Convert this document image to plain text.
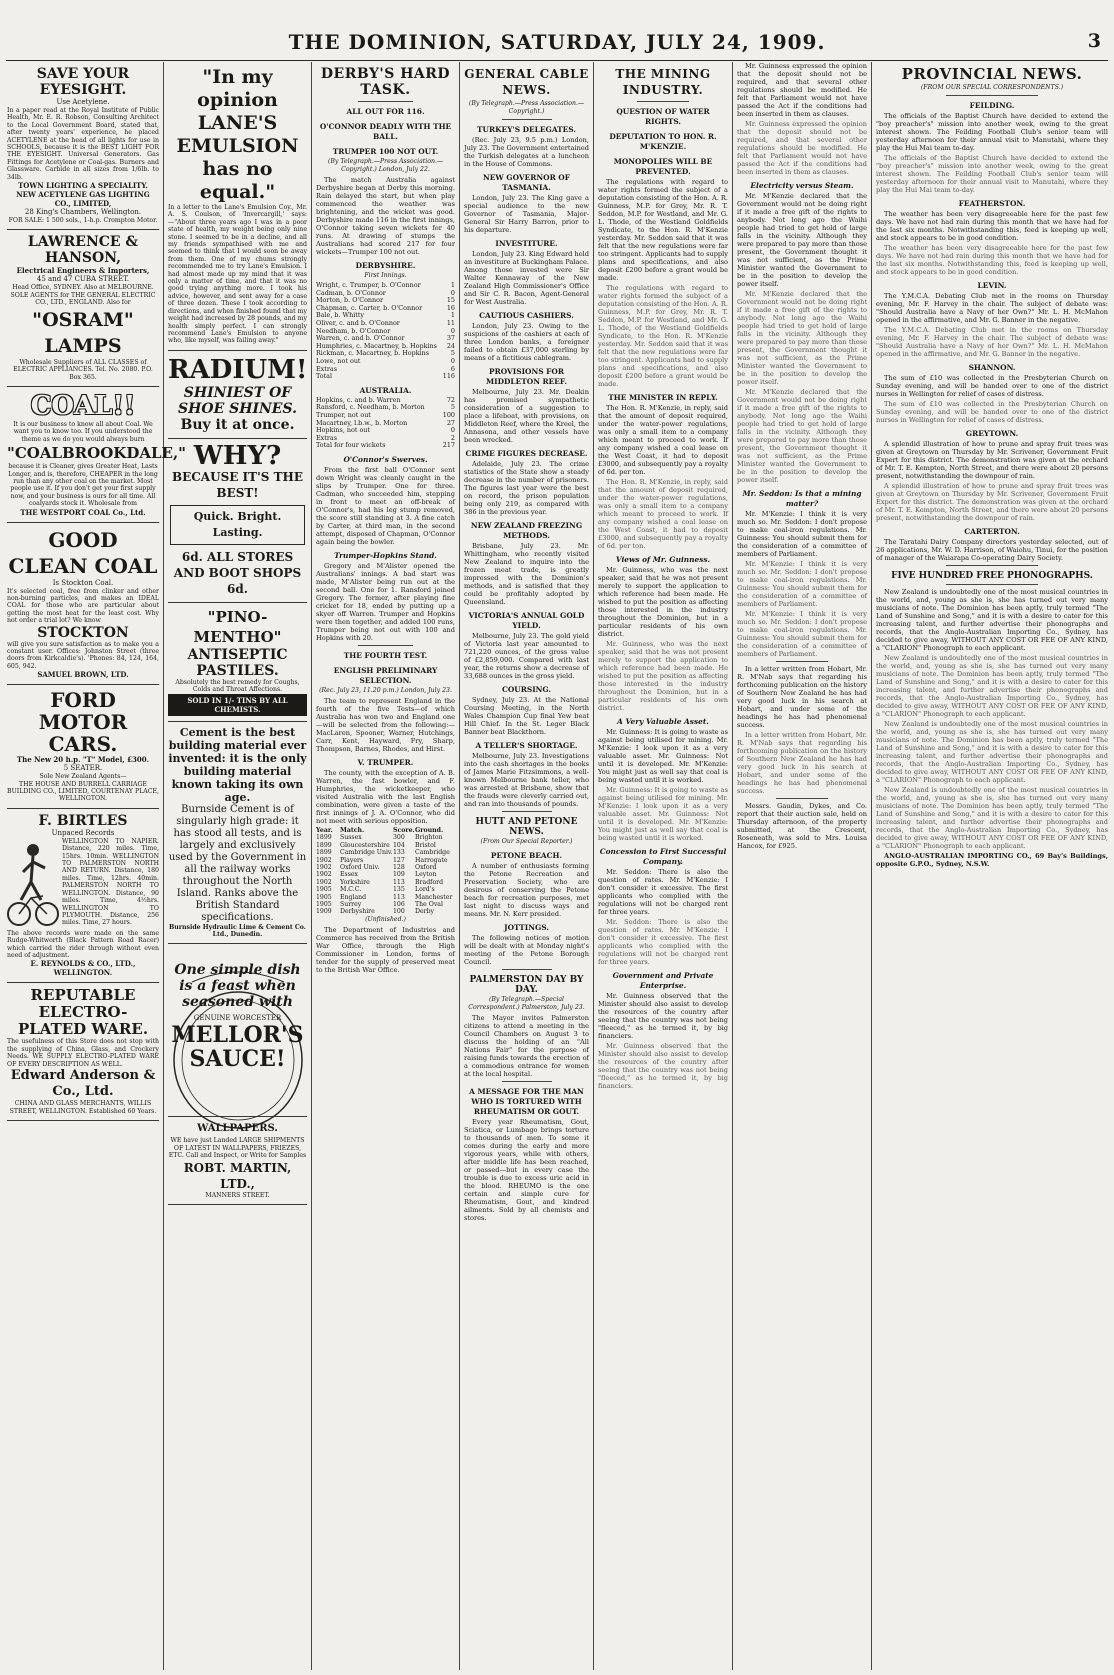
THE DOMINION, SATURDAY, JULY 24, 1909.	3
SAVE YOUR EYESIGHT.
Use Acetylene.
In a paper read at the Royal Institute of Public Health, Mr. E. R. Robson, Consulting Architect to the Local Government Board, stated that, after twenty years' experience, he placed ACETYLENE at the head of all lights for use in SCHOOLS, because it is the BEST LIGHT FOR THE EYESIGHT. Universal Generators. Gas Fittings for Acetylene or Coal-gas. Burners and Glassware. Carbide in all sizes from 1/6lb. to 34lb.
TOWN LIGHTING A SPECIALITY.
NEW ACETYLENE GAS LIGHTING CO., LIMITED,
28 King's Chambers, Wellington.
FOR SALE: 1 500 sols., 1-h.p. Crompton Motor.
LAWRENCE & HANSON,
Electrical Engineers & Importers,
45 and 47 CUBA STREET.
Head Office, SYDNEY. Also at MELBOURNE.
SOLE AGENTS for THE GENERAL ELECTRIC CO., LTD., ENGLAND. Also for
"OSRAM" LAMPS
Wholesale Suppliers of ALL CLASSES of ELECTRIC APPLIANCES. Tel. No. 2080. P.O. Box 365.
COAL!!
It is our business to know all about Coal. We want you to know too. If you understood the theme as we do you would always burn
"COALBROOKDALE,"
because it is Cleaner, gives Greater Heat, Lasts Longer, and is, therefore, CHEAPER in the long run than any other coal on the market. Most people use it. If you don't get your first supply now, and your business is ours for all time. All coalyards stock it. Wholesale from
THE WESTPORT COAL Co., Ltd.
GOOD CLEAN COAL
Is Stockton Coal.
It's selected coal, free from clinker and other non-burning particles, and makes an IDEAL COAL for those who are particular about getting the most heat for the least cost. Why not order a trial lot? We know
STOCKTON
will give you sure satisfaction as to make you a constant user. Offices: Johnston Street (three doors from Kirkcaldie's). 'Phones: 84, 124, 164, 605, 942.
SAMUEL BROWN, LTD.
FORD MOTOR CARS.
The New 20 h.p. "T" Model, £300.
5 SEATER.
Sole New Zealand Agents—
THE HOUSE AND BURRELL CARRIAGE BUILDING CO., LIMITED, COURTENAY PLACE, WELLINGTON.
F. BIRTLES
Unpaced Records
WELLINGTON TO NAPIER. Distance, 220 miles. Time, 15hrs. 10min. WELLINGTON TO PALMERSTON NORTH AND RETURN. Distance, 180 miles. Time, 12hrs. 40min. PALMERSTON NORTH TO WELLINGTON. Distance, 90 miles. Time, 4½hrs. WELLINGTON TO PLYMOUTH. Distance, 256 miles. Time, 27 hours.
The above records were made on the same Rudge-Whitworth (Black Pattern Road Racer) which carried the rider through without even need of adjustment.
E. REYNOLDS & CO., LTD., WELLINGTON.
REPUTABLE ELECTRO-PLATED WARE.
The usefulness of this Store does not stop with the supplying of China, Glass, and Crockery Needs. WE SUPPLY ELECTRO-PLATED WARE OF EVERY DESCRIPTION AS WELL.
Edward Anderson & Co., Ltd.
CHINA AND GLASS MERCHANTS, WILLIS STREET, WELLINGTON. Established 60 Years.
"In my opinion LANE'S EMULSION has no equal."
In a letter to the Lane's Emulsion Coy., Mr. A. S. Coulson, of 'Invercargill,' says:—"About three years ago I was in a poor state of health, my weight being only nine stone. I seemed to be in a decline, and all my friends sympathised with me and seemed to think that I would soon be away from them. One of my chums strongly recommended me to try Lane's Emulsion. I had almost made up my mind that it was only a matter of time, and that it was no good trying anything more. I took his advice, however, and sent away for a case of three dozen. These I took according to directions, and when finished found that my weight had increased by 28 pounds, and my health simply perfect. I can strongly recommend Lane's Emulsion to anyone who, like myself, was failing away."
RADIUM!
SHINIEST OF SHOE SHINES.
Buy it at once.
WHY?
BECAUSE IT'S THE BEST!
Quick. Bright. Lasting.
6d. ALL STORES AND BOOT SHOPS 6d.
"PINO-MENTHO"
ANTISEPTIC PASTILES.
Absolutely the best remedy for Coughs, Colds and Throat Affections.
SOLD IN 1/- TINS BY ALL CHEMISTS.
Cement is the best building material ever invented: it is the only building material known taking its own age.
Burnside Cement is of singularly high grade: it has stood all tests, and is largely and exclusively used by the Government in all the railway works throughout the North Island. Ranks above the British Standard specifications.
Burnside Hydraulic Lime & Cement Co. Ltd., Dunedin.
One simple dish is a feast when seasoned with
GENUINE WORCESTER
MELLOR'S SAUCE!
WALLPAPERS.
WE have just Landed LARGE SHIPMENTS OF LATEST IN WALLPAPERS, FRIEZES, ETC. Call and Inspect, or Write for Samples
ROBT. MARTIN, LTD.,
MANNERS STREET.
DERBY'S HARD TASK.
ALL OUT FOR 116.
O'CONNOR DEADLY WITH THE BALL.
TRUMPER 100 NOT OUT.
(By Telegraph.—Press Association.—Copyright.) London, July 22.

The match Australia against Derbyshire began at Derby this morning. Rain delayed the start, but when play commenced the weather was brightening, and the wicket was good. Derbyshire made 116 in the first innings, O'Connor taking seven wickets for 40 runs. At drawing of stumps the Australians had scored 217 for four wickets—Trumper 100 not out.

DERBYSHIRE.
First Innings.
Wright, c. Trumper, b. O'Connor	1
Cadman, b. O'Connor	0
Morton, b. O'Connor	15
Chapman, c. Carter, b. O'Connor	16
Bale, b. Whitty	1
Oliver, c. and b. O'Connor	11
Needham, b. O'Connor	0
Warren, c. and b. O'Connor	37
Humphries, c. Macartney, b. Hopkins 24
Rickman, c. Macartney, b. Hopkins	5
Lowe, not out	0
Extras	6
Total	116
AUSTRALIA.
Hopkins, c. and b. Warren	72
Ransford, c. Needham, b. Morton	5
Trumper, not out	100
Macartney, l.b.w., b. Morton	27
Hopkins, not out	0
Extras	2
Total for four wickets	217
O'Connor's Swerves.

From the first ball O'Connor sent down Wright was cleanly caught in the slips by Trumper. One for three. Cadman, who succeeded him, stepping in front to meet an off-break of O'Connor's, had his leg stump removed, the score still standing at 3. A fine catch by Carter, at third man, in the second attempt, disposed of Chapman, O'Connor again being the bowler.

Trumper-Hopkins Stand.

Gregory and M'Alister opened the Australians' innings. A bad start was made, M'Alister being run out at the second ball. One for 1. Ransford joined Gregory. The former, after playing fine cricket for 18, ended by putting up a skyer off Warren. Trumper and Hopkins were then together, and added 100 runs, Trumper being not out with 100 and Hopkins with 20.

THE FOURTH TEST.
ENGLISH PRELIMINARY SELECTION.
(Rec. July 23, 11.20 p.m.) London, July 23.

The team to represent England in the fourth of the five Tests—of which Australia has won two and England one—will be selected from the following:—MacLaren, Spooner, Warner, Hutchings, Carr, Kent, Hayward, Fry, Sharp, Thompson, Barnes, Rhodes, and Hirst.

V. TRUMPER.

The county, with the exception of A. B. Warren, the fast bowler, and F. Humphries, the wicketkeeper, who visited Australia with the last English combination, were given a taste of the first innings of J. A. O'Connor, who did not meet with serious opposition.

Year.	Match.	Score. Ground.
1899	Sussex	300	Brighton
1899	Gloucestershire 104	Bristol
1899	Cambridge Univ. 133	Cambridge
1902	Players	127	Harrogate
1902	Oxford Univ.	128	Oxford
1902	Essex	109	Leyton
1902	Yorkshire	113	Bradford
1905	M.C.C.	135	Lord's
1905	England	113	Manchester
1905	Surrey	106	The Oval
1909	Derbyshire	100	Derby
(Unfinished.)

The Department of Industries and Commerce has received from the British War Office, through the High Commissioner in London, forms of tender for the supply of preserved meat to the British War Office.

GENERAL CABLE NEWS.
(By Telegraph.—Press Association.—Copyright.)
TURKEY'S DELEGATES.

(Rec. July 23, 9.5 p.m.) London, July 23. The Government entertained the Turkish delegates at a luncheon in the House of Commons.

NEW GOVERNOR OF TASMANIA.

London, July 23. The King gave a special audience to the new Governor of Tasmania, Major-General Sir Harry Barron, prior to his departure.

INVESTITURE.

London, July 23. King Edward held an investiture at Buckingham Palace. Among those invested were Sir Walter Kennaway of the New Zealand High Commissioner's Office and Sir C. R. Bacon, Agent-General for West Australia.

CAUTIOUS CASHIERS.

London, July 23. Owing to the suspicions of the cashiers at each of three London banks, a foreigner failed to obtain £37,000 sterling by means of a fictitious cablegram.

PROVISIONS FOR MIDDLETON REEF.

Melbourne, July 23. Mr. Deakin has promised sympathetic consideration of a suggestion to place a lifeboat, with provisions, on Middleton Reef, where the Kreel, the Annasona, and other vessels have been wrecked.

CRIME FIGURES DECREASE.

Adelaide, July 23. The crime statistics of the State show a steady decrease in the number of prisoners. The figures last year were the best on record, the prison population being only 219, as compared with 386 in the previous year.

NEW ZEALAND FREEZING METHODS.

Brisbane, July 23. Mr. Whittingham, who recently visited New Zealand to inquire into the frozen meat trade, is greatly impressed with the Dominion's methods, and is satisfied that they could be profitably adopted by Queensland.

VICTORIA'S ANNUAL GOLD YIELD.

Melbourne, July 23. The gold yield of Victoria last year amounted to 721,220 ounces, of the gross value of £2,859,000. Compared with last year, the returns show a decrease of 33,688 ounces in the gross yield.

COURSING.

Sydney, July 23. At the National Coursing Meeting, in the North Wales Champion Cup final Yew beat Hill Chief. In the St. Leger Black Banner beat Blackthorn.

A TELLER'S SHORTAGE.

Melbourne, July 23. Investigations into the cash shortages in the books of James Marie Fitzsimmons, a well-known Melbourne bank teller, who was arrested at Brisbane, show that the frauds were cleverly carried out, and ran into thousands of pounds.

HUTT AND PETONE NEWS.
(From Our Special Reporter.)
PETONE BEACH.

A number of enthusiasts forming the Petone Recreation and Preservation Society, who are desirous of conserving the Petone beach for recreation purposes, met last night to discuss ways and means. Mr. N. Kerr presided.

JOTTINGS.

The following notices of motion will be dealt with at Monday night's meeting of the Petone Borough Council.

PALMERSTON DAY BY DAY.
(By Telegraph.—Special Correspondent.) Palmerston, July 23.

The Mayor invites Palmerston citizens to attend a meeting in the Council Chambers on August 3 to discuss the holding of an "All Nations Fair" for the purpose of raising funds towards the erection of a commodious entrance for women at the local hospital.

A MESSAGE FOR THE MAN WHO IS TORTURED WITH RHEUMATISM OR GOUT.

Every year Rheumatism, Gout, Sciatica, or Lumbago brings torture to thousands of men. To some it comes during the early and more vigorous years, while with others, after middle life has been reached, or passed—but in every case the trouble is due to excess uric acid in the blood. RHEUMO is the one certain and simple cure for Rheumatism, Gout, and kindred ailments. Sold by all chemists and stores.

THE MINING INDUSTRY.
QUESTION OF WATER RIGHTS.
DEPUTATION TO HON. R. M'KENZIE.
MONOPOLIES WILL BE PREVENTED.

The regulations with regard to water rights formed the subject of a deputation consisting of the Hon. A. R. Guinness, M.P. for Grey, Mr. R. T. Seddon, M.P. for Westland, and Mr. G. L. Thode, of the Westland Goldfields Syndicate, to the Hon. R. M'Kenzie yesterday. Mr. Seddon said that it was felt that the new regulations were far too stringent. Applicants had to supply plans and specifications, and also deposit £200 before a grant would be made.

The regulations with regard to water rights formed the subject of a deputation consisting of the Hon. A. R. Guinness, M.P. for Grey, Mr. R. T. Seddon, M.P. for Westland, and Mr. G. L. Thode, of the Westland Goldfields Syndicate, to the Hon. R. M'Kenzie yesterday. Mr. Seddon said that it was felt that the new regulations were far too stringent. Applicants had to supply plans and specifications, and also deposit £200 before a grant would be made.

THE MINISTER IN REPLY.

The Hon. R. M'Kenzie, in reply, said that the amount of deposit required, under the water-power regulations, was only a small item to a company which meant to proceed to work. If any company wished a coal lease on the West Coast, it had to deposit £3000, and subsequently pay a royalty of 6d. per ton.

The Hon. R. M'Kenzie, in reply, said that the amount of deposit required, under the water-power regulations, was only a small item to a company which meant to proceed to work. If any company wished a coal lease on the West Coast, it had to deposit £3000, and subsequently pay a royalty of 6d. per ton.

Views of Mr. Guinness.

Mr. Guinness, who was the next speaker, said that he was not present merely to support the application to which reference had been made. He wished to put the position as affecting those interested in the industry throughout the Dominion, but in a particular residents of his own district.

Mr. Guinness, who was the next speaker, said that he was not present merely to support the application to which reference had been made. He wished to put the position as affecting those interested in the industry throughout the Dominion, but in a particular residents of his own district.

A Very Valuable Asset.

Mr. Guinness: It is going to waste as against being utilised for mining. Mr. M'Kenzie: I look upon it as a very valuable asset. Mr. Guinness: Not until it is developed. Mr. M'Kenzie: You might just as well say that coal is being wasted until it is worked.

Mr. Guinness: It is going to waste as against being utilised for mining. Mr. M'Kenzie: I look upon it as a very valuable asset. Mr. Guinness: Not until it is developed. Mr. M'Kenzie: You might just as well say that coal is being wasted until it is worked.

Concession to First Successful Company.

Mr. Seddon: There is also the question of rates. Mr. M'Kenzie: I don't consider it excessive. The first applicants who complied with the regulations will not be charged rent for three years.

Mr. Seddon: There is also the question of rates. Mr. M'Kenzie: I don't consider it excessive. The first applicants who complied with the regulations will not be charged rent for three years.

Government and Private Enterprise.

Mr. Guinness observed that the Minister should also assist to develop the resources of the country after seeing that the country was not being "fleeced," as he termed it, by big financiers.

Mr. Guinness observed that the Minister should also assist to develop the resources of the country after seeing that the country was not being "fleeced," as he termed it, by big financiers.

Mr. Guinness expressed the opinion that the deposit should not be required, and that several other regulations should be modified. He felt that Parliament would not have passed the Act if the conditions had been inserted in them as clauses.

Mr. Guinness expressed the opinion that the deposit should not be required, and that several other regulations should be modified. He felt that Parliament would not have passed the Act if the conditions had been inserted in them as clauses.

Electricity versus Steam.

Mr. M'Kenzie declared that the Government would not be doing right if it made a free gift of the rights to anybody. Not long ago the Waihi people had tried to get hold of large falls in the vicinity. Although they were prepared to pay more than those present, the Government thought it was not sufficient, as the Prime Minister wanted the Government to be in the position to develop the power itself.

Mr. M'Kenzie declared that the Government would not be doing right if it made a free gift of the rights to anybody. Not long ago the Waihi people had tried to get hold of large falls in the vicinity. Although they were prepared to pay more than those present, the Government thought it was not sufficient, as the Prime Minister wanted the Government to be in the position to develop the power itself.

Mr. M'Kenzie declared that the Government would not be doing right if it made a free gift of the rights to anybody. Not long ago the Waihi people had tried to get hold of large falls in the vicinity. Although they were prepared to pay more than those present, the Government thought it was not sufficient, as the Prime Minister wanted the Government to be in the position to develop the power itself.

Mr. Seddon: Is that a mining matter?

Mr. M'Kenzie: I think it is very much so. Mr. Seddon: I don't propose to make coal-iron regulations. Mr. Guinness: You should submit them for the consideration of a committee of members of Parliament.

Mr. M'Kenzie: I think it is very much so. Mr. Seddon: I don't propose to make coal-iron regulations. Mr. Guinness: You should submit them for the consideration of a committee of members of Parliament.

Mr. M'Kenzie: I think it is very much so. Mr. Seddon: I don't propose to make coal-iron regulations. Mr. Guinness: You should submit them for the consideration of a committee of members of Parliament.

In a letter written from Hobart, Mr. R. M'Nab says that regarding his forthcoming publication on the history of Southern New Zealand he has had very good luck in his search at Hobart, and under some of the headings he has had phenomenal success.

In a letter written from Hobart, Mr. R. M'Nab says that regarding his forthcoming publication on the history of Southern New Zealand he has had very good luck in his search at Hobart, and under some of the headings he has had phenomenal success.

Messrs. Gaudin, Dykes, and Co. report that their auction sale, held on Thursday afternoon, of the property submitted, at the Crescent, Roseneath, was sold to Mrs. Louisa Hancox, for £925.

PROVINCIAL NEWS.
(FROM OUR SPECIAL CORRESPONDENTS.)
FEILDING.

The officials of the Baptist Church have decided to extend the "boy preacher's" mission into another week, owing to the great interest shown. The Feilding Football Club's senior team will yesterday afternoon for their annual visit to Manutahi, where they play the Hui Mai team to-day.

The officials of the Baptist Church have decided to extend the "boy preacher's" mission into another week, owing to the great interest shown. The Feilding Football Club's senior team will yesterday afternoon for their annual visit to Manutahi, where they play the Hui Mai team to-day.

FEATHERSTON.

The weather has been very disagreeable here for the past few days. We have not had rain during this month that we have had for the last six months. Notwithstanding this, feed is keeping up well, and stock appears to be in good condition.

The weather has been very disagreeable here for the past few days. We have not had rain during this month that we have had for the last six months. Notwithstanding this, feed is keeping up well, and stock appears to be in good condition.

LEVIN.

The Y.M.C.A. Debating Club met in the rooms on Thursday evening, Mr. F. Harvey in the chair. The subject of debate was: "Should Australia have a Navy of her Own?" Mr. L. H. McMahon opened in the affirmative, and Mr. G. Banner in the negative.

The Y.M.C.A. Debating Club met in the rooms on Thursday evening, Mr. F. Harvey in the chair. The subject of debate was: "Should Australia have a Navy of her Own?" Mr. L. H. McMahon opened in the affirmative, and Mr. G. Banner in the negative.

SHANNON.

The sum of £10 was collected in the Presbyterian Church on Sunday evening, and will be handed over to one of the district nurses in Wellington for relief of cases of distress.

The sum of £10 was collected in the Presbyterian Church on Sunday evening, and will be handed over to one of the district nurses in Wellington for relief of cases of distress.

GREYTOWN.

A splendid illustration of how to prune and spray fruit trees was given at Greytown on Thursday by Mr. Scrivener, Government Fruit Expert for this district. The demonstration was given at the orchard of Mr. T. E. Kempton, North Street, and there were about 20 persons present, notwithstanding the downpour of rain.

A splendid illustration of how to prune and spray fruit trees was given at Greytown on Thursday by Mr. Scrivener, Government Fruit Expert for this district. The demonstration was given at the orchard of Mr. T. E. Kempton, North Street, and there were about 20 persons present, notwithstanding the downpour of rain.

CARTERTON.

The Taratahi Dairy Company directors yesterday selected, out of 26 applications, Mr. W. D. Harrison, of Waiohu, Tinui, for the position of manager of the Waiarapa Co-operating Dairy Society.

FIVE HUNDRED FREE PHONOGRAPHS.

New Zealand is undoubtedly one of the most musical countries in the world, and, young as she is, she has turned out very many musicians of note. The Dominion has been aptly, truly termed "The Land of Sunshine and Song," and it is with a desire to cater for this increasing talent, and further advertise their phonographs and records, that the Anglo-Australian Importing Co., Sydney, has decided to give away, WITHOUT ANY COST OR FEE OF ANY KIND, a "CLARION" Phonograph to each applicant.

New Zealand is undoubtedly one of the most musical countries in the world, and, young as she is, she has turned out very many musicians of note. The Dominion has been aptly, truly termed "The Land of Sunshine and Song," and it is with a desire to cater for this increasing talent, and further advertise their phonographs and records, that the Anglo-Australian Importing Co., Sydney, has decided to give away, WITHOUT ANY COST OR FEE OF ANY KIND, a "CLARION" Phonograph to each applicant.

New Zealand is undoubtedly one of the most musical countries in the world, and, young as she is, she has turned out very many musicians of note. The Dominion has been aptly, truly termed "The Land of Sunshine and Song," and it is with a desire to cater for this increasing talent, and further advertise their phonographs and records, that the Anglo-Australian Importing Co., Sydney, has decided to give away, WITHOUT ANY COST OR FEE OF ANY KIND, a "CLARION" Phonograph to each applicant.

New Zealand is undoubtedly one of the most musical countries in the world, and, young as she is, she has turned out very many musicians of note. The Dominion has been aptly, truly termed "The Land of Sunshine and Song," and it is with a desire to cater for this increasing talent, and further advertise their phonographs and records, that the Anglo-Australian Importing Co., Sydney, has decided to give away, WITHOUT ANY COST OR FEE OF ANY KIND, a "CLARION" Phonograph to each applicant.

ANGLO-AUSTRALIAN IMPORTING CO., 69 Bay's Buildings, opposite G.P.O., Sydney, N.S.W.
